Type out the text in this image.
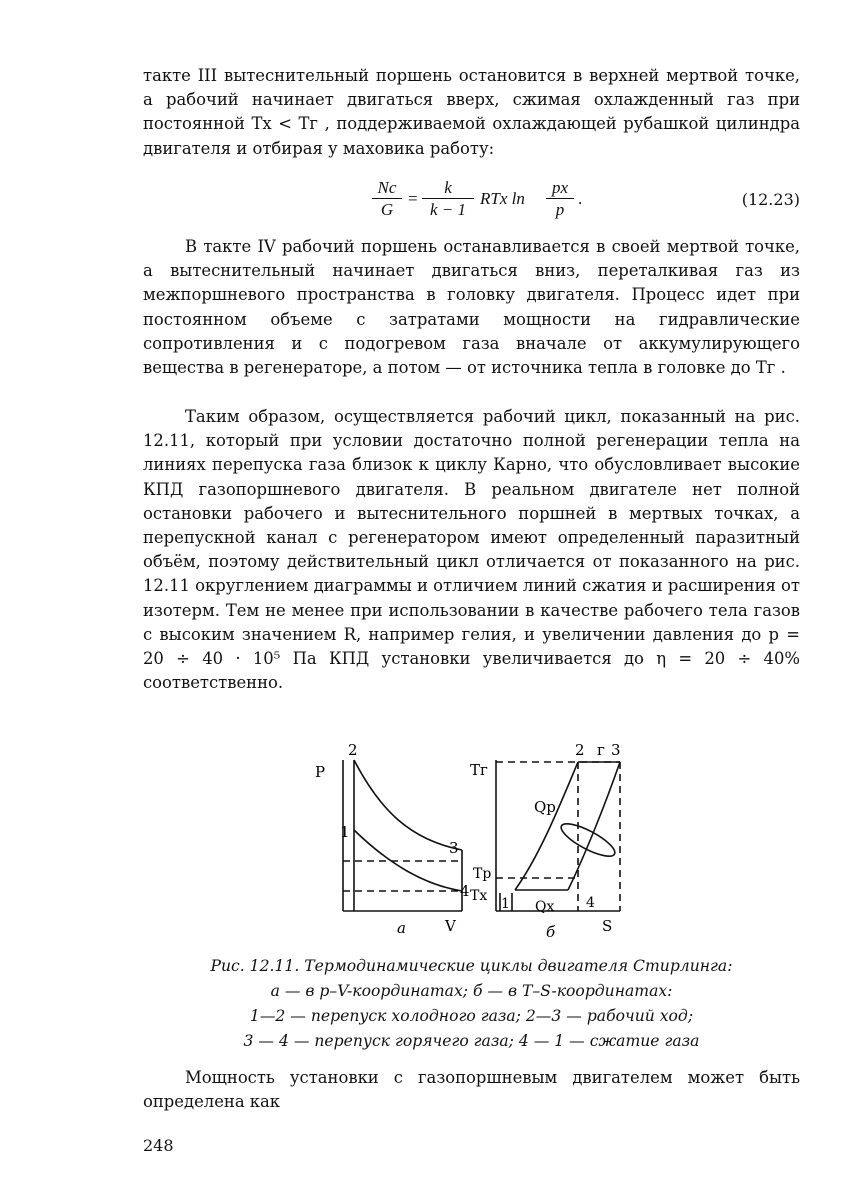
такте III вытеснительный поршень остановится в верхней мертвой точке, а рабочий начинает двигаться вверх, сжимая охлажденный газ при постоянной Tх < Tг , поддерживаемой охлаждающей рубашкой цилиндра двигателя и отбирая у маховика работу:

$\frac{Nc}{G} = \frac{k}{k - 1}$ RTх ln
pх
p
.	(12.23)

В такте IV рабочий поршень останавливается в своей мертвой точке, а вытеснительный начинает двигаться вниз, переталкивая газ из межпоршневого пространства в головку двигателя. Процесс идет при постоянном объеме с затратами мощности на гидравлические сопротивления и с подогревом газа вначале от аккумулирующего вещества в регенераторе, а потом — от источника тепла в головке до Tг .

Таким образом, осуществляется рабочий цикл, показанный на рис. 12.11, который при условии достаточно полной регенерации тепла на линиях перепуска газа близок к циклу Карно, что обусловливает высокие КПД газопоршневого двигателя. В реальном двигателе нет полной остановки рабочего и вытеснительного поршней в мертвых точках, а перепускной канал с регенератором имеют определенный паразитный объём, поэтому действительный цикл отличается от показанного на рис. 12.11 округлением диаграммы и отличием линий сжатия и расширения от изотерм. Тем не менее при использовании в качестве рабочего тела газов с высоким значением R, например гелия, и увеличении давления до p = 20 ÷ 40 · 10⁵ Па КПД установки увеличивается до η = 20 ÷ 40% соответственно.

P
2
1
3
4
V
а
Tг
2 г 3
Qр
Tр
Tх 1 Qх 4
S
б

Рис. 12.11. Термодинамические циклы двигателя Стирлинга:
а — в p–V-координатах; б — в T–S-координатах:
1—2 — перепуск холодного газа; 2—3 — рабочий ход;
3 — 4 — перепуск горячего газа; 4 — 1 — сжатие газа

Мощность установки с газопоршневым двигателем может быть определена как

248
